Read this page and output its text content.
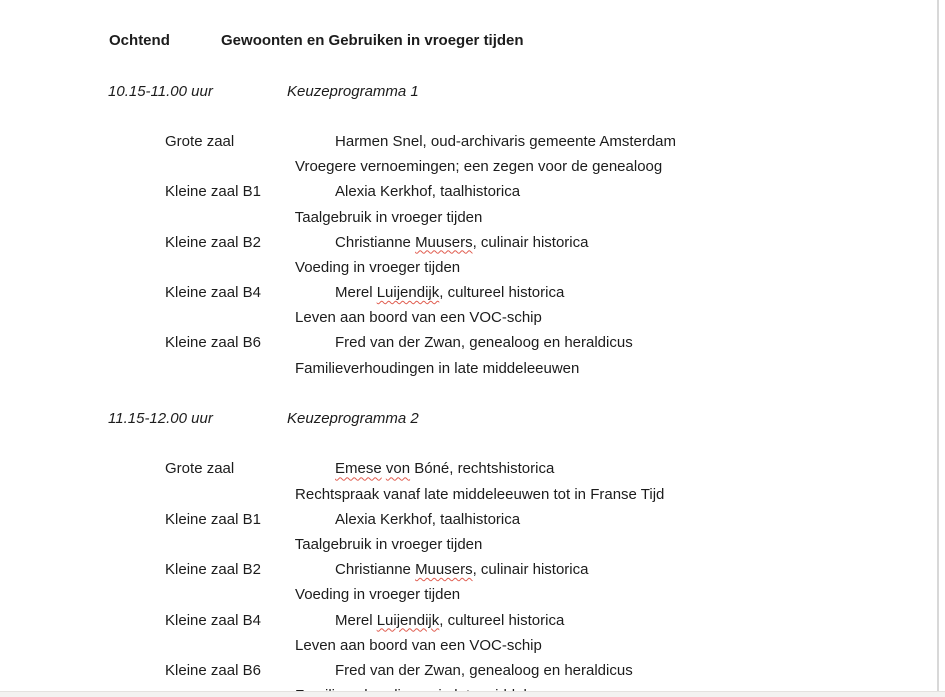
Ochtend	Gewoonten en Gebruiken in vroeger tijden

10.15-11.00 uur	Keuzeprogramma 1

Grote zaal	Harmen Snel, oud-archivaris gemeente Amsterdam

Vroegere vernoemingen; een zegen voor de genealoog

Kleine zaal B1	Alexia Kerkhof, taalhistorica

Taalgebruik in vroeger tijden

Kleine zaal B2	Christianne Muusers, culinair historica

Voeding in vroeger tijden

Kleine zaal B4	Merel Luijendijk, cultureel historica

Leven aan boord van een VOC-schip

Kleine zaal B6	Fred van der Zwan, genealoog en heraldicus

Familieverhoudingen in late middeleeuwen

11.15-12.00 uur	Keuzeprogramma 2

Grote zaal	Emese von Bóné, rechtshistorica

Rechtspraak vanaf late middeleeuwen tot in Franse Tijd

Kleine zaal B1	Alexia Kerkhof, taalhistorica

Taalgebruik in vroeger tijden

Kleine zaal B2	Christianne Muusers, culinair historica

Voeding in vroeger tijden

Kleine zaal B4	Merel Luijendijk, cultureel historica

Leven aan boord van een VOC-schip

Kleine zaal B6	Fred van der Zwan, genealoog en heraldicus
